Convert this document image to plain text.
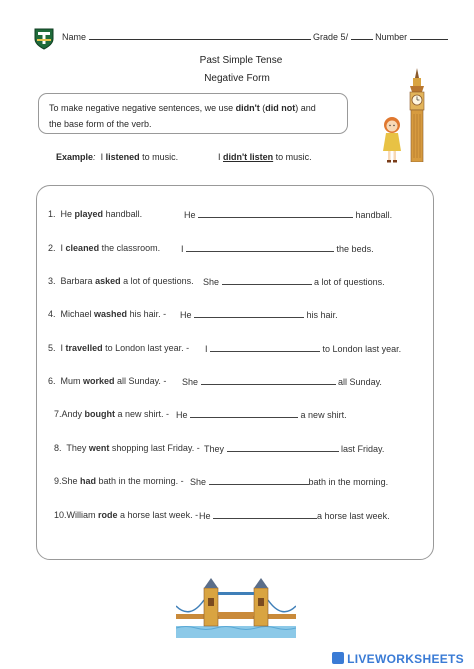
Name	Grade 5/	Number
Past Simple Tense
Negative Form
To make negative negative sentences, we use didn't (did not) and
the base form of the verb.
Example: I listened to music.	I didn't listen to music.
1. He played handball.	He	handball.
2. I cleaned the classroom. I	the beds.
3. Barbara asked a lot of questions. She	a lot of questions.
4. Michael washed his hair. - He	his hair.
5. I travelled to London last year. - I	to London last year.
6. Mum worked all Sunday. - She	all Sunday.
7.Andy bought a new shirt. - He	a new shirt.
8. They went shopping last Friday. - They	last Friday.
9.She had bath in the morning. - She	bath in the morning.
10.William rode a horse last week. - He	a horse last week.
LIVEWORKSHEETS
